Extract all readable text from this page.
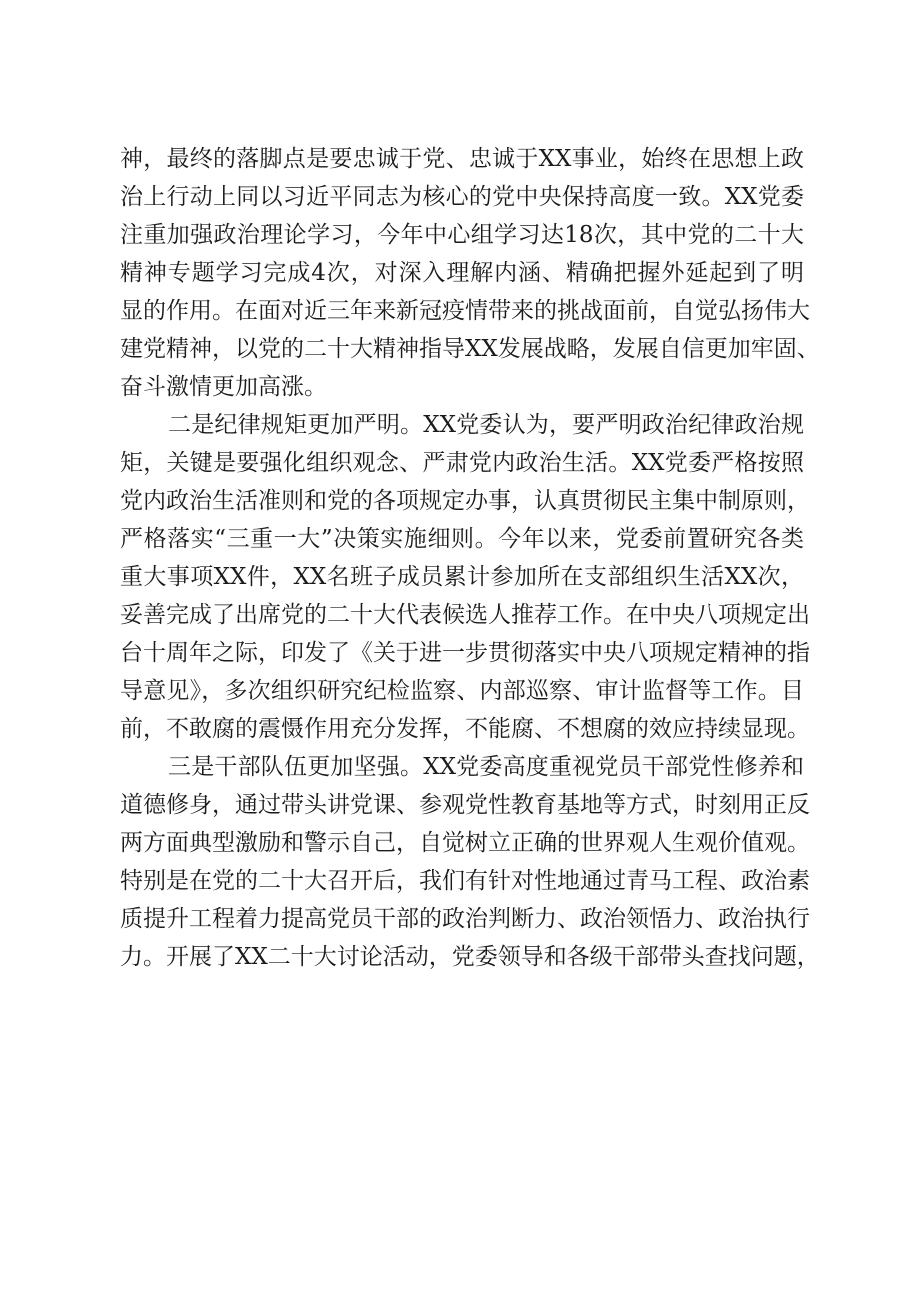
神，最终的落脚点是要忠诚于党、忠诚于XX事业，始终在思想上政

治上行动上同以习近平同志为核心的党中央保持高度一致。XX党委

注重加强政治理论学习，今年中心组学习达18次，其中党的二十大

精神专题学习完成4次，对深入理解内涵、精确把握外延起到了明

显的作用。在面对近三年来新冠疫情带来的挑战面前，自觉弘扬伟大

建党精神，以党的二十大精神指导XX发展战略，发展自信更加牢固、

奋斗激情更加高涨。

二是纪律规矩更加严明。XX党委认为，要严明政治纪律政治规

矩，关键是要强化组织观念、严肃党内政治生活。XX党委严格按照

党内政治生活准则和党的各项规定办事，认真贯彻民主集中制原则，

严格落实“三重一大”决策实施细则。今年以来，党委前置研究各类

重大事项XX件，XX名班子成员累计参加所在支部组织生活XX次，

妥善完成了出席党的二十大代表候选人推荐工作。在中央八项规定出

台十周年之际，印发了《关于进一步贯彻落实中央八项规定精神的指

导意见》，多次组织研究纪检监察、内部巡察、审计监督等工作。目

前，不敢腐的震慑作用充分发挥，不能腐、不想腐的效应持续显现。

三是干部队伍更加坚强。XX党委高度重视党员干部党性修养和

道德修身，通过带头讲党课、参观党性教育基地等方式，时刻用正反

两方面典型激励和警示自己，自觉树立正确的世界观人生观价值观。

特别是在党的二十大召开后，我们有针对性地通过青马工程、政治素

质提升工程着力提高党员干部的政治判断力、政治领悟力、政治执行

力。开展了XX二十大讨论活动，党委领导和各级干部带头查找问题，
